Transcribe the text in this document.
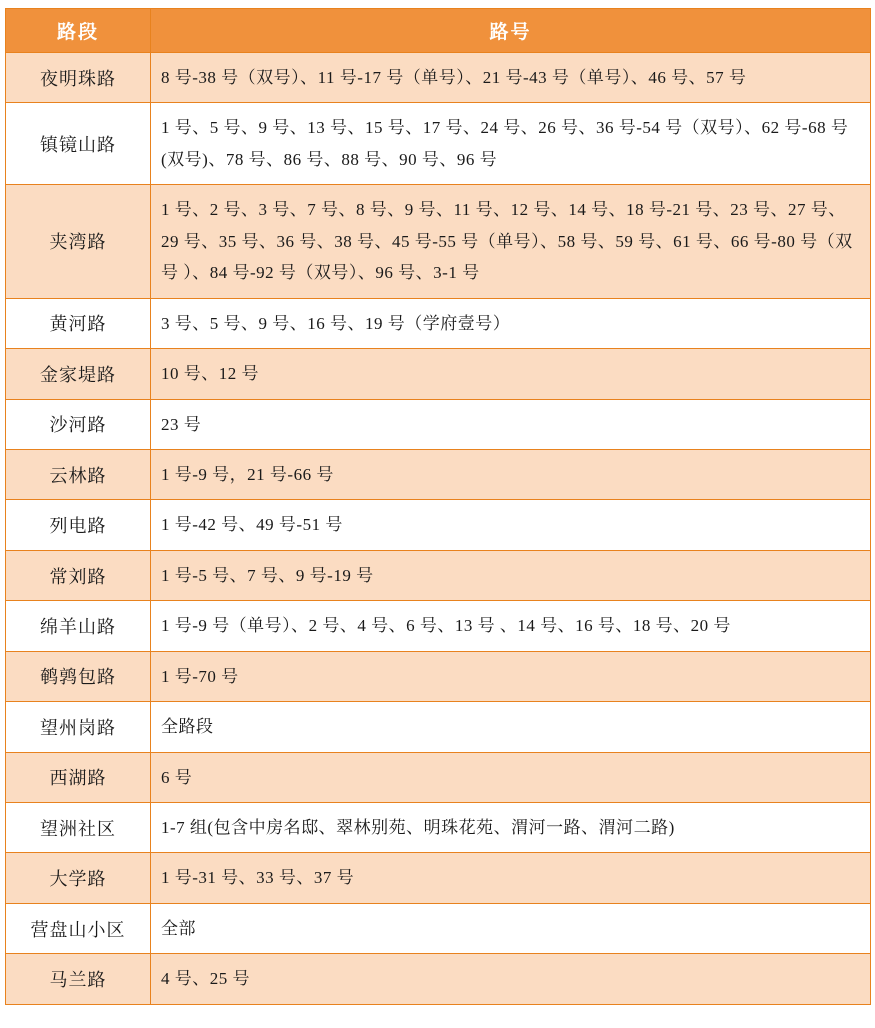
路段	路号
夜明珠路	8 号-38 号（双号）、11 号-17 号（单号）、21 号-43 号（单号）、46 号、57 号
镇镜山路	1 号、5 号、9 号、13 号、15 号、17 号、24 号、26 号、36 号-54 号（双号）、62 号-68 号(双号)、78 号、86 号、88 号、90 号、96 号
夹湾路	1 号、2 号、3 号、7 号、8 号、9 号、11 号、12 号、14 号、18 号-21 号、23 号、27 号、29 号、35 号、36 号、38 号、45 号-55 号（单号）、58 号、59 号、61 号、66 号-80 号（双号 ）、84 号-92 号（双号）、96 号、3-1 号
黄河路	3 号、5 号、9 号、16 号、19 号（学府壹号）
金家堤路	10 号、12 号
沙河路	23 号
云林路	1 号-9 号，21 号-66 号
列电路	1 号-42 号、49 号-51 号
常刘路	1 号-5 号、7 号、9 号-19 号
绵羊山路	1 号-9 号（单号）、2 号、4 号、6 号、13 号 、14 号、16 号、18 号、20 号
鹌鹑包路	1 号-70 号
望州岗路	全路段
西湖路	6 号
望洲社区	1-7 组(包含中房名邸、翠林别苑、明珠花苑、渭河一路、渭河二路)
大学路	1 号-31 号、33 号、37 号
营盘山小区	全部
马兰路	4 号、25 号
